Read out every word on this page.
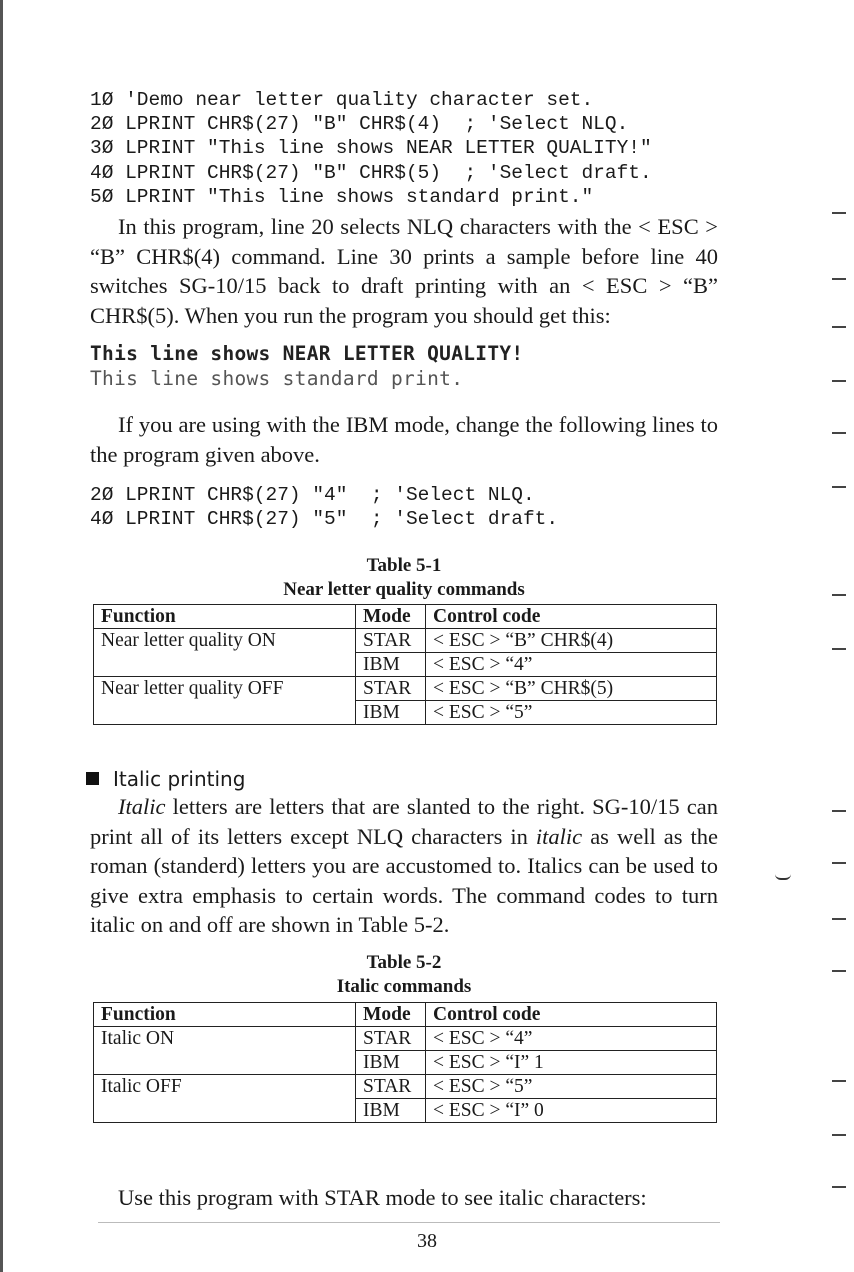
1Ø 'Demo near letter quality character set.
2Ø LPRINT CHR$(27) "B" CHR$(4)  ; 'Select NLQ.
3Ø LPRINT "This line shows NEAR LETTER QUALITY!"
4Ø LPRINT CHR$(27) "B" CHR$(5)  ; 'Select draft.
5Ø LPRINT "This line shows standard print."

In this program, line 20 selects NLQ characters with the < ESC > “B” CHR$(4) command. Line 30 prints a sample before line 40 switches SG-10/15 back to draft printing with an < ESC > “B” CHR$(5). When you run the program you should get this:

This line shows NEAR LETTER QUALITY!
This line shows standard print.

If you are using with the IBM mode, change the following lines to the program given above.

2Ø LPRINT CHR$(27) "4"  ; 'Select NLQ.
4Ø LPRINT CHR$(27) "5"  ; 'Select draft.
Table 5-1
Near letter quality commands
Function	Mode	Control code
Near letter quality ON	STAR	< ESC > “B” CHR$(4)
	IBM	< ESC > “4”
Near letter quality OFF	STAR	< ESC > “B” CHR$(5)
	IBM	< ESC > “5”
Italic printing

Italic letters are letters that are slanted to the right. SG-10/15 can print all of its letters except NLQ characters in italic as well as the roman (standerd) letters you are accustomed to. Italics can be used to give extra emphasis to certain words. The command codes to turn italic on and off are shown in Table 5-2.

Table 5-2
Italic commands
Function	Mode	Control code
Italic ON	STAR	< ESC > “4”
	IBM	< ESC > “I” 1
Italic OFF	STAR	< ESC > “5”
	IBM	< ESC > “I” 0

Use this program with STAR mode to see italic characters:

38
